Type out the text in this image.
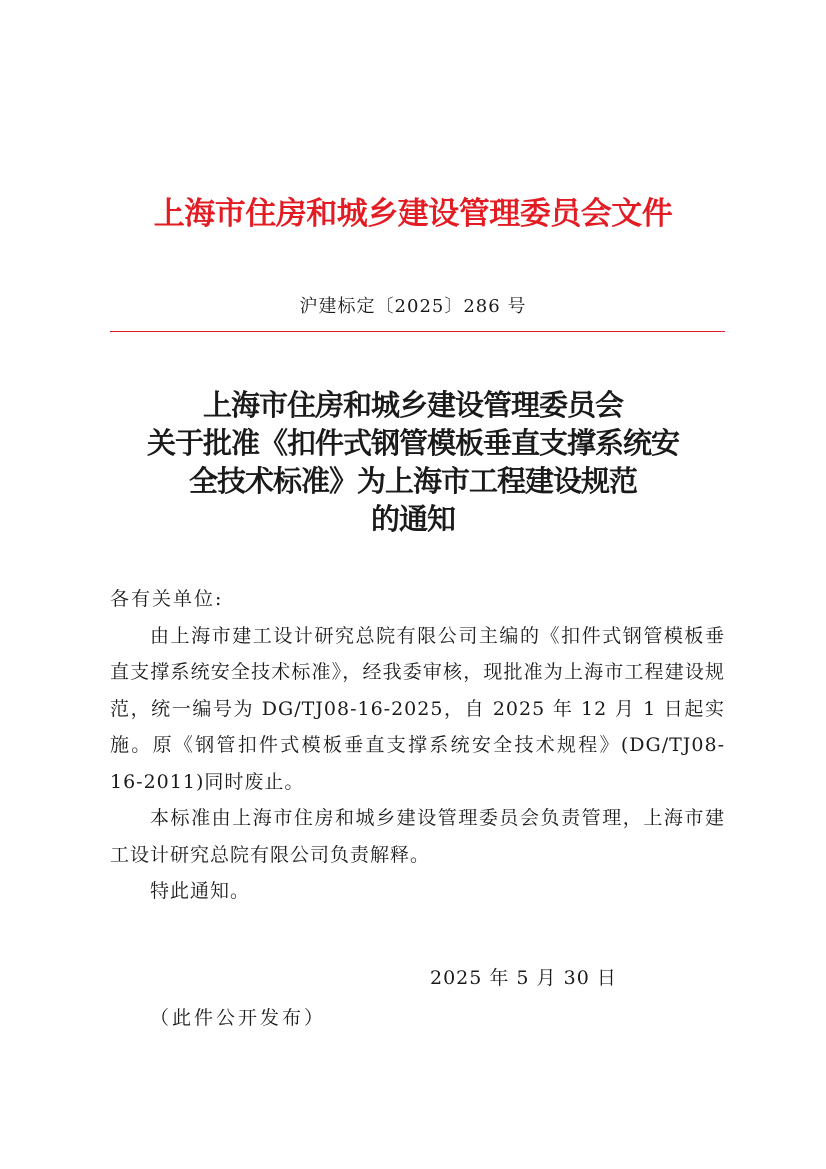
上海市住房和城乡建设管理委员会文件
沪建标定〔2025〕286 号
上海市住房和城乡建设管理委员会
关于批准《扣件式钢管模板垂直支撑系统安
全技术标准》为上海市工程建设规范
的通知

各有关单位:

由上海市建工设计研究总院有限公司主编的《扣件式钢管模板垂直支撑系统安全技术标准》，经我委审核，现批准为上海市工程建设规范，统一编号为 DG/TJ08-16-2025，自 2025 年 12 月 1 日起实施。原《钢管扣件式模板垂直支撑系统安全技术规程》(DG/TJ08-16-2011)同时废止。

本标准由上海市住房和城乡建设管理委员会负责管理，上海市建工设计研究总院有限公司负责解释。

特此通知。

2025 年 5 月 30 日
（此件公开发布）
